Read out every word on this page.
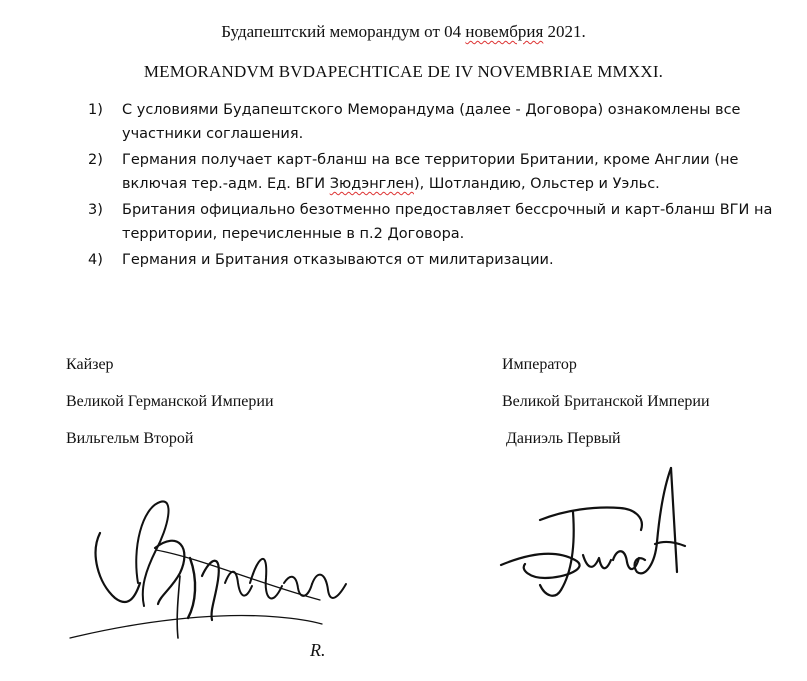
Будапештский меморандум от 04 новембрия 2021.
MEMORANDVM BVDAPECHTICAE DE IV NOVEMBRIAE MMXXI.
1) С условиями Будапештского Меморандума (далее - Договора) ознакомлены все участники соглашения.
2) Германия получает карт-бланш на все территории Британии, кроме Англии (не включая тер.-адм. Ед. ВГИ Зюдэнглен), Шотландию, Ольстер и Уэльс.
3) Британия официально безотменно предоставляет бессрочный и карт-бланш ВГИ на территории, перечисленные в п.2 Договора.
4) Германия и Британия отказываются от милитаризации.
Кайзер
Великой Германской Империи
Вильгельм Второй
Император
Великой Британской Империи
Даниэль Первый
R.
